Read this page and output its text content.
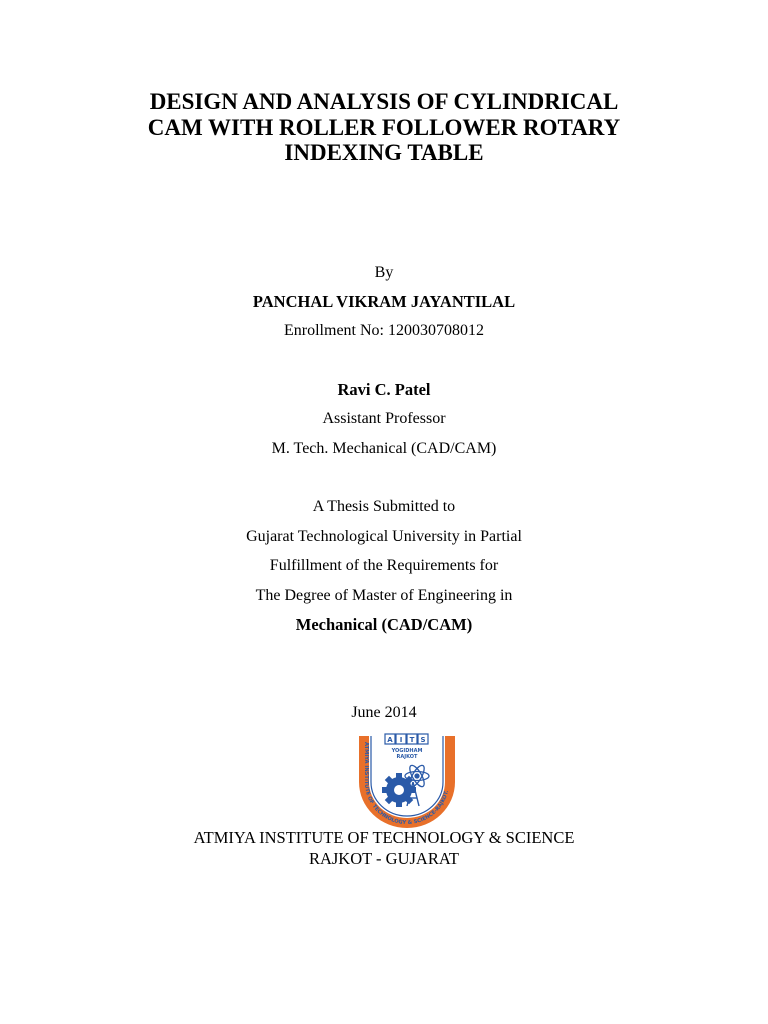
DESIGN AND ANALYSIS OF CYLINDRICAL
CAM WITH ROLLER FOLLOWER ROTARY
INDEXING TABLE
By
PANCHAL VIKRAM JAYANTILAL
Enrollment No: 120030708012
Ravi C. Patel
Assistant Professor
M. Tech. Mechanical (CAD/CAM)
A Thesis Submitted to
Gujarat Technological University in Partial
Fulfillment of the Requirements for
The Degree of Master of Engineering in
Mechanical (CAD/CAM)
June 2014
ATMIYA INSTITUTE OF TECHNOLOGY & SCIENCE-RAJKOT.
A I T S
YOGIDHAM
RAJKOT
ATMIYA INSTITUTE OF TECHNOLOGY & SCIENCE
RAJKOT - GUJARAT
